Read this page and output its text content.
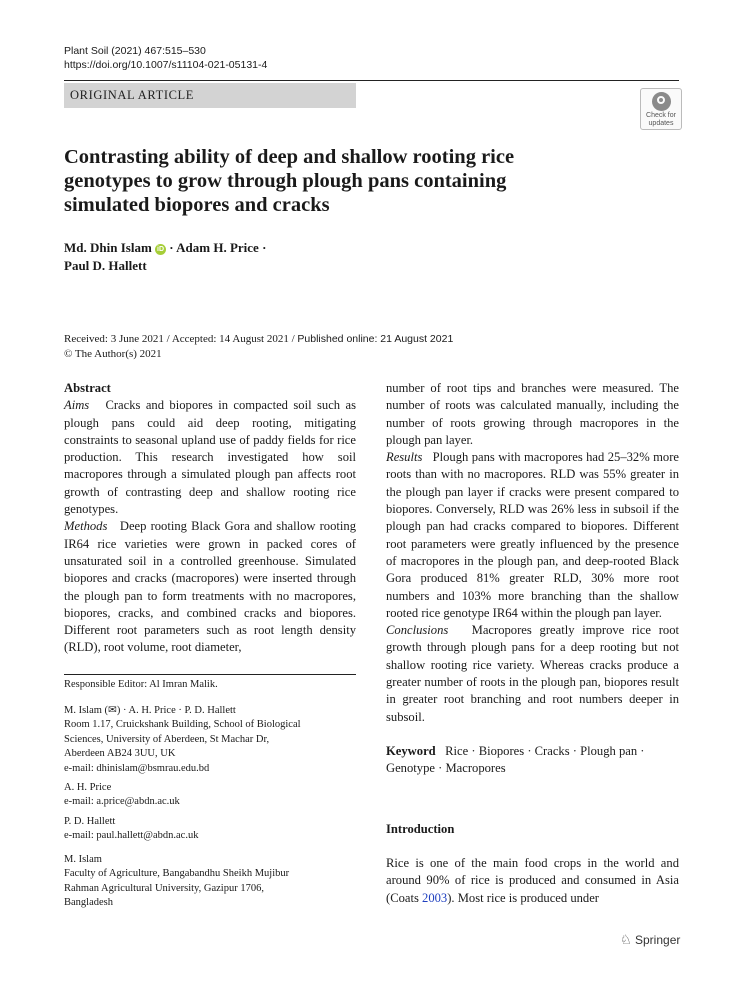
Plant Soil (2021) 467:515–530
https://doi.org/10.1007/s11104-021-05131-4
ORIGINAL ARTICLE
Check for
updates
Contrasting ability of deep and shallow rooting rice
genotypes to grow through plough pans containing
simulated biopores and cracks
Md. Dhin Islam iD · Adam H. Price ·
Paul D. Hallett
Received: 3 June 2021 / Accepted: 14 August 2021 / Published online: 21 August 2021
© The Author(s) 2021

Abstract

Aims Cracks and biopores in compacted soil such as plough pans could aid deep rooting, mitigating constraints to seasonal upland use of paddy fields for rice production. This research investigated how soil macropores through a simulated plough pan affects root growth of contrasting deep and shallow rooting rice genotypes.

Methods Deep rooting Black Gora and shallow rooting IR64 rice varieties were grown in packed cores of unsaturated soil in a controlled greenhouse. Simulated biopores and cracks (macropores) were inserted through the plough pan to form treatments with no macropores, biopores, cracks, and combined cracks and biopores. Different root parameters such as root length density (RLD), root volume, root diameter,

Responsible Editor: Al Imran Malik.
M. Islam (✉) · A. H. Price · P. D. Hallett
Room 1.17, Cruickshank Building, School of Biological
Sciences, University of Aberdeen, St Machar Dr,
Aberdeen AB24 3UU, UK
e-mail: dhinislam@bsmrau.edu.bd
A. H. Price
e-mail: a.price@abdn.ac.uk
P. D. Hallett
e-mail: paul.hallett@abdn.ac.uk
M. Islam
Faculty of Agriculture, Bangabandhu Sheikh Mujibur
Rahman Agricultural University, Gazipur 1706,
Bangladesh

number of root tips and branches were measured. The number of roots was calculated manually, including the number of roots growing through macropores in the plough pan layer.

Results Plough pans with macropores had 25–32% more roots than with no macropores. RLD was 55% greater in the plough pan layer if cracks were present compared to biopores. Conversely, RLD was 26% less in subsoil if the plough pan had cracks compared to biopores. Different root parameters were greatly influenced by the presence of macropores in the plough pan, and deep-rooted Black Gora produced 81% greater RLD, 30% more root numbers and 103% more branching than the shallow rooted rice genotype IR64 within the plough pan layer.

Conclusions Macropores greatly improve rice root growth through plough pans for a deep rooting but not shallow rooting rice variety. Whereas cracks produce a greater number of roots in the plough pan, biopores result in greater root branching and root numbers deeper in subsoil.

Keyword Rice · Biopores · Cracks · Plough pan · Genotype · Macropores

Introduction

Rice is one of the main food crops in the world and around 90% of rice is produced and consumed in Asia (Coats 2003). Most rice is produced under

♘ Springer
